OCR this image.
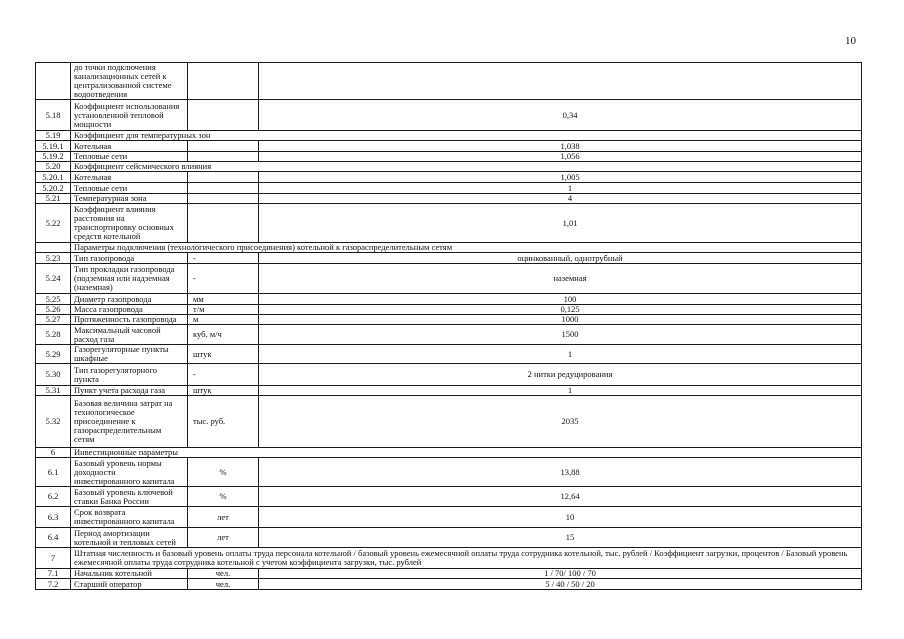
10
	до точки подключения
канализационных сетей к
централизованной системе
водоотведения		
5.18	Коэффициент использования
установленной тепловой
мощности		0,34
5.19	Коэффициент для температурных зон		
5.19.1	Котельная		1,038
5.19.2	Тепловые сети		1,056
5.20	Коэффициент сейсмического влияния		
5.20.1	Котельная		1,005
5.20.2	Тепловые сети		1
5.21	Температурная зона		4
5.22	Коэффициент влияния
расстояния на
транспортировку основных
средств котельной		1,01
	Параметры подключения (технологического присоединения) котельной к газораспределительным сетям		
5.23	Тип газопровода	-	оцинкованный, однотрубный
5.24	Тип прокладки газопровода
(подземная или надземная
(наземная)	-	наземная
5.25	Диаметр газопровода	мм	100
5.26	Масса газопровода	т/м	0,125
5.27	Протяженность газопровода	м	1000
5.28	Максимальный часовой
расход газа	куб. м/ч	1500
5.29	Газорегуляторные пункты
шкафные	штук	1
5.30	Тип газорегуляторного
пункта	-	2 нитки редуцирования
5.31	Пункт учета расхода газа	штук	1
5.32	Базовая величина затрат на
технологическое
присоединение к
газораспределительным
сетям	тыс. руб.	2035
6	Инвестиционные параметры		
6.1	Базовый уровень нормы
доходности
инвестированного капитала	%	13,88
6.2	Базовый уровень ключевой
ставки Банка России	%	12,64
6.3	Срок возврата
инвестированного капитала	лет	10
6.4	Период амортизации
котельной и тепловых сетей	лет	15
7	Штатная численность и базовый уровень оплаты труда персонала котельной / базовый уровень ежемесячной оплаты труда сотрудника котельной, тыс. рублей / Коэффициент загрузки, процентов / Базовый уровень
ежемесячной оплаты труда сотрудника котельной с учетом коэффициента загрузки, тыс. рублей		
7.1	Начальник котельной	чел.	1 / 70/ 100 / 70
7.2	Старший оператор	чел.	5 / 40 / 50 / 20
